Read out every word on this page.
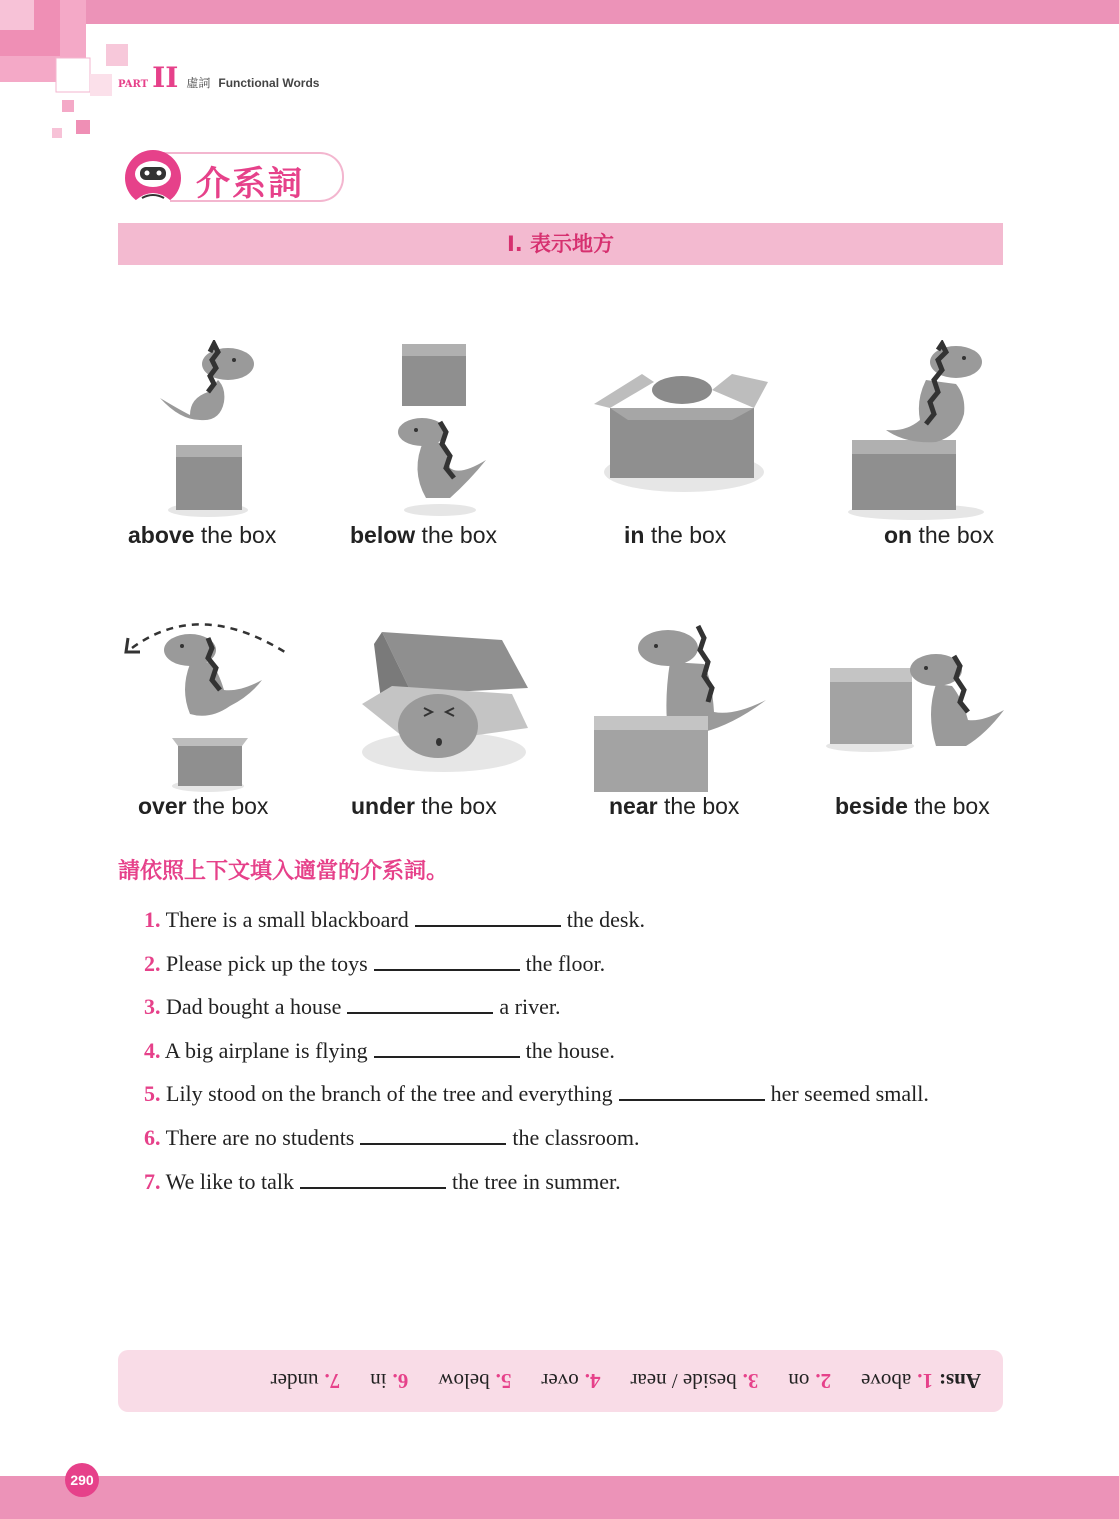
PART II 虛詞 Functional Words
介系詞
I. 表示地方
above the box	below the box	in the box	on the box
over the box	under the box	near the box	beside the box
請依照上下文填入適當的介系詞。
1. There is a small blackboard	the desk.
2. Please pick up the toys	the floor.
3. Dad bought a house	a river.
4. A big airplane is flying	the house.
5. Lily stood on the branch of the tree and everything	her seemed small.
6. There are no students	the classroom.
7. We like to talk	the tree in summer.
Ans:
1.above
2.on
3.beside / near
4.over
5.below
6.in
7.under
290
